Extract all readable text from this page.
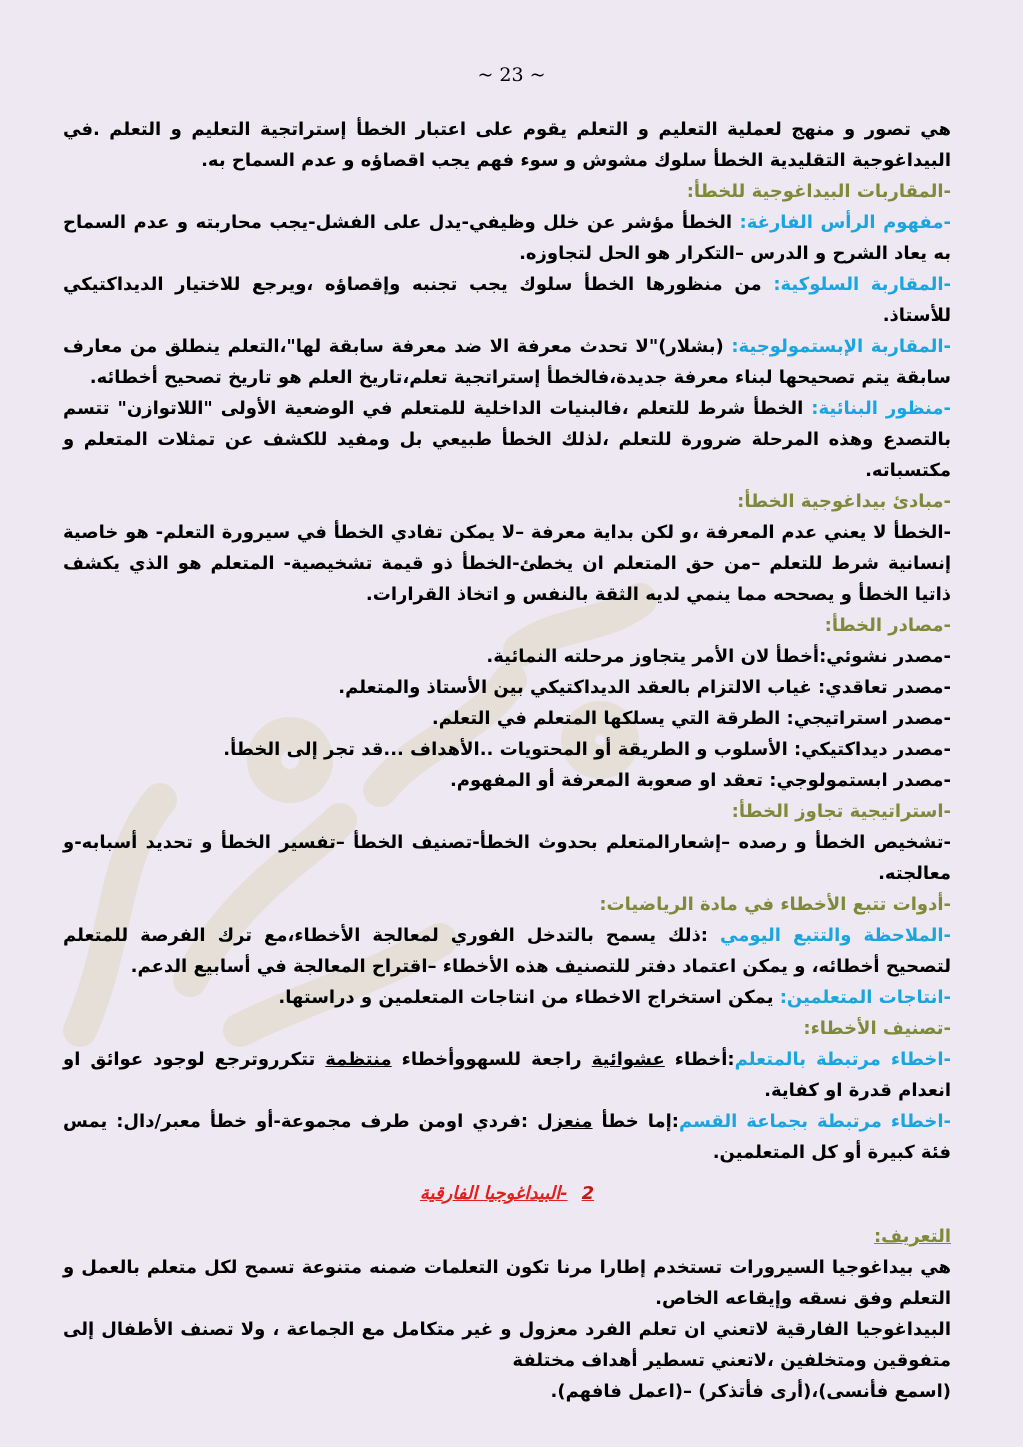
~ 23 ~

هي تصور و منهج لعملية التعليم و التعلم يقوم على اعتبار الخطأ إستراتجية التعليم و التعلم .في البيداغوجية التقليدية الخطأ سلوك مشوش و سوء فهم يجب اقصاؤه و عدم السماح به.

-المقاربات البيداغوجية للخطأ:

-مفهوم الرأس الفارغة: الخطأ مؤشر عن خلل وظيفي-يدل على الفشل-يجب محاربته و عدم السماح به يعاد الشرح و الدرس –التكرار هو الحل لتجاوزه.

-المقاربة السلوكية: من منظورها الخطأ سلوك يجب تجنبه وإقصاؤه ،ويرجع للاختيار الديداكتيكي للأستاذ.

-المقاربة الإبستمولوجية: (بشلار)"لا تحدث معرفة الا ضد معرفة سابقة لها"،التعلم ينطلق من معارف سابقة يتم تصحيحها لبناء معرفة جديدة،فالخطأ إستراتجية تعلم،تاريخ العلم هو تاريخ تصحيح أخطائه.

-منظور البنائية: الخطأ شرط للتعلم ،فالبنيات الداخلية للمتعلم في الوضعية الأولى "اللاتوازن" تتسم بالتصدع وهذه المرحلة ضرورة للتعلم ،لذلك الخطأ طبيعي بل ومفيد للكشف عن تمثلات المتعلم و مكتسباته.

-مبادئ بيداغوجية الخطأ:

-الخطأ لا يعني عدم المعرفة ،و لكن بداية معرفة –لا يمكن تفادي الخطأ في سيرورة التعلم- هو خاصية إنسانية شرط للتعلم –من حق المتعلم ان يخطئ-الخطأ ذو قيمة تشخيصية- المتعلم هو الذي يكشف ذاتيا الخطأ و يصححه مما ينمي لديه الثقة بالنفس و اتخاذ القرارات.

-مصادر الخطأ:

-مصدر نشوئي:أخطأ لان الأمر يتجاوز مرحلته النمائية.

-مصدر تعاقدي: غياب الالتزام بالعقد الديداكتيكي بين الأستاذ والمتعلم.

-مصدر استراتيجي: الطرقة التي يسلكها المتعلم في التعلم.

-مصدر ديداكتيكي: الأسلوب و الطريقة أو المحتويات ..الأهداف ...قد تجر إلى الخطأ.

-مصدر ابستمولوجي: تعقد او صعوبة المعرفة أو المفهوم.

-استراتيجية تجاوز الخطأ:

-تشخيص الخطأ و رصده –إشعارالمتعلم بحدوث الخطأ-تصنيف الخطأ –تفسير الخطأ و تحديد أسبابه-و معالجته.

-أدوات تتبع الأخطاء في مادة الرياضيات:

-الملاحظة والتتبع اليومي :ذلك يسمح بالتدخل الفوري لمعالجة الأخطاء،مع ترك الفرصة للمتعلم لتصحيح أخطائه، و يمكن اعتماد دفتر للتصنيف هذه الأخطاء –اقتراح المعالجة في أسابيع الدعم.

-انتاجات المتعلمين: يمكن استخراج الاخطاء من انتاجات المتعلمين و دراستها.

-تصنيف الأخطاء:

-اخطاء مرتبطة بالمتعلم:أخطاء عشوائية راجعة للسهووأخطاء منتظمة تتكرروترجع لوجود عوائق او انعدام قدرة او كفاية.

-اخطاء مرتبطة بجماعة القسم:إما خطأ منعزل :فردي اومن طرف مجموعة-أو خطأ معبر/دال: يمس فئة كبيرة أو كل المتعلمين.

2-البيداغوجيا الفارقية

التعريف:

هي بيداغوجيا السيرورات تستخدم إطارا مرنا تكون التعلمات ضمنه متنوعة تسمح لكل متعلم بالعمل و التعلم وفق نسقه وإيقاعه الخاص.

البيداغوجيا الفارقية لاتعني ان تعلم الفرد معزول و غير متكامل مع الجماعة ، ولا تصنف الأطفال إلى متفوقين ومتخلفين ،لاتعني تسطير أهداف مختلفة

(اسمع فأنسى)،(أرى فأتذكر) –(اعمل فافهم).
